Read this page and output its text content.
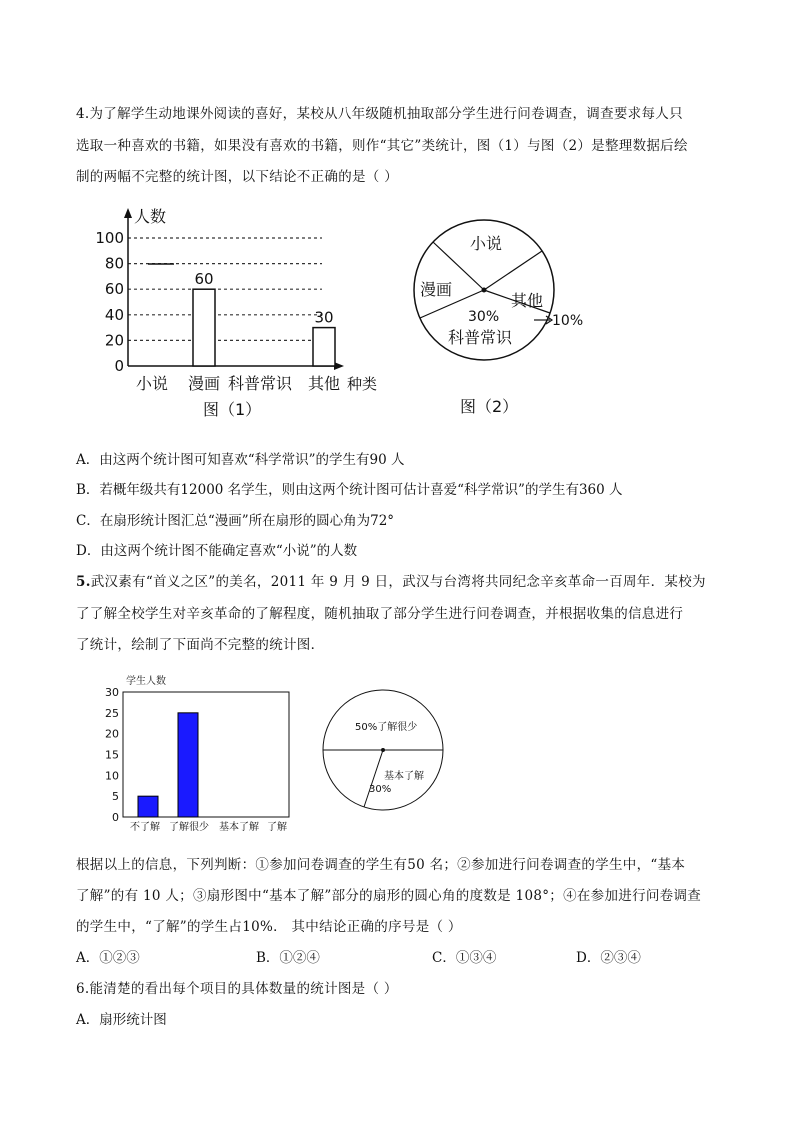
4.为了解学生动地课外阅读的喜好，某校从八年级随机抽取部分学生进行问卷调查，调查要求每人只
选取一种喜欢的书籍，如果没有喜欢的书籍，则作“其它”类统计，图（1）与图（2）是整理数据后绘
制的两幅不完整的统计图，以下结论不正确的是（ ）
人数
0
20
40
60
80
100
60
30
小说 漫画 科普常识 其他 种类
图（1）
小说
漫画
其他
30%
科普常识
10%
图（2）
A．由这两个统计图可知喜欢“科学常识”的学生有90 人
B．若概年级共有12000 名学生，则由这两个统计图可估计喜爱“科学常识”的学生有360 人
C．在扇形统计图汇总“漫画”所在扇形的圆心角为72°
D．由这两个统计图不能确定喜欢“小说”的人数
5.武汉素有“首义之区”的美名，2011 年 9 月 9 日，武汉与台湾将共同纪念辛亥革命一百周年．某校为
了了解全校学生对辛亥革命的了解程度，随机抽取了部分学生进行问卷调查，并根据收集的信息进行
了统计，绘制了下面尚不完整的统计图．
学生人数
0
5
10
15
20
25
30
不了解 了解很少 基本了解 了解
50%了解很少
基本了解
30%
根据以上的信息，下列判断：①参加问卷调查的学生有50 名；②参加进行问卷调查的学生中，“基本
了解”的有 10 人；③扇形图中“基本了解”部分的扇形的圆心角的度数是 108°；④在参加进行问卷调查
的学生中，“了解”的学生占10%． 其中结论正确的序号是（ ）
A．①②③	B．①②④	C．①③④	D．②③④
6.能清楚的看出每个项目的具体数量的统计图是（ ）
A．扇形统计图
